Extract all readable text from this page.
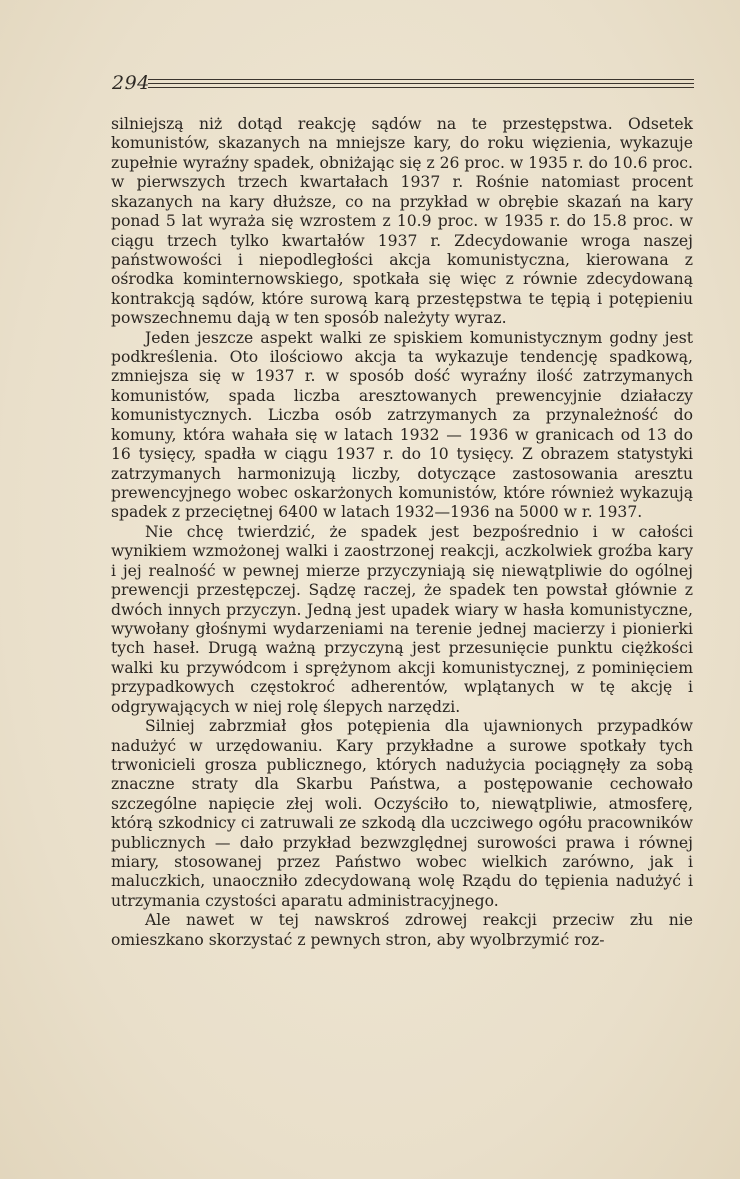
294

silniejszą niż dotąd reakcję sądów na te przestępstwa. Odsetek komunistów, skazanych na mniejsze kary, do roku więzienia, wykazuje zupełnie wyraźny spadek, obniżając się z 26 proc. w 1935 r. do 10.6 proc. w pierwszych trzech kwartałach 1937 r. Rośnie natomiast procent skazanych na kary dłuższe, co na przykład w obrębie skazań na kary ponad 5 lat wyraża się wzrostem z 10.9 proc. w 1935 r. do 15.8 proc. w ciągu trzech tylko kwartałów 1937 r. Zdecydowanie wroga naszej państwowości i niepodległości akcja komunistyczna, kierowana z ośrodka kominternowskiego, spotkała się więc z równie zdecydowaną kontrakcją sądów, które surową karą przestępstwa te tępią i potępieniu powszechnemu dają w ten sposób należyty wyraz.

Jeden jeszcze aspekt walki ze spiskiem komunistycznym godny jest podkreślenia. Oto ilościowo akcja ta wykazuje tendencję spadkową, zmniejsza się w 1937 r. w sposób dość wyraźny ilość zatrzymanych komunistów, spada liczba aresztowanych prewencyjnie działaczy komunistycznych. Liczba osób zatrzymanych za przynależność do komuny, która wahała się w latach 1932 — 1936 w granicach od 13 do 16 tysięcy, spadła w ciągu 1937 r. do 10 tysięcy. Z obrazem statystyki zatrzymanych harmonizują liczby, dotyczące zastosowania aresztu prewencyjnego wobec oskarżonych komunistów, które również wykazują spadek z przeciętnej 6400 w latach 1932—1936 na 5000 w r. 1937.

Nie chcę twierdzić, że spadek jest bezpośrednio i w całości wynikiem wzmożonej walki i zaostrzonej reakcji, aczkolwiek groźba kary i jej realność w pewnej mierze przyczyniają się niewątpliwie do ogólnej prewencji przestępczej. Sądzę raczej, że spadek ten powstał głównie z dwóch innych przyczyn. Jedną jest upadek wiary w hasła komunistyczne, wywołany głośnymi wydarzeniami na terenie jednej macierzy i pionierki tych haseł. Drugą ważną przyczyną jest przesunięcie punktu ciężkości walki ku przywódcom i sprężynom akcji komunistycznej, z pominięciem przypadkowych częstokroć adherentów, wplątanych w tę akcję i odgrywających w niej rolę ślepych narzędzi.

Silniej zabrzmiał głos potępienia dla ujawnionych przypadków nadużyć w urzędowaniu. Kary przykładne a surowe spotkały tych trwonicieli grosza publicznego, których nadużycia pociągnęły za sobą znaczne straty dla Skarbu Państwa, a postępowanie cechowało szczególne napięcie złej woli. Oczyściło to, niewątpliwie, atmosferę, którą szkodnicy ci zatruwali ze szkodą dla uczciwego ogółu pracowników publicznych — dało przykład bezwzględnej surowości prawa i równej miary, stosowanej przez Państwo wobec wielkich zarówno, jak i maluczkich, unaoczniło zdecydowaną wolę Rządu do tępienia nadużyć i utrzymania czystości aparatu administracyjnego.

Ale nawet w tej nawskroś zdrowej reakcji przeciw złu nie omieszkano skorzystać z pewnych stron, aby wyolbrzymić roz-
